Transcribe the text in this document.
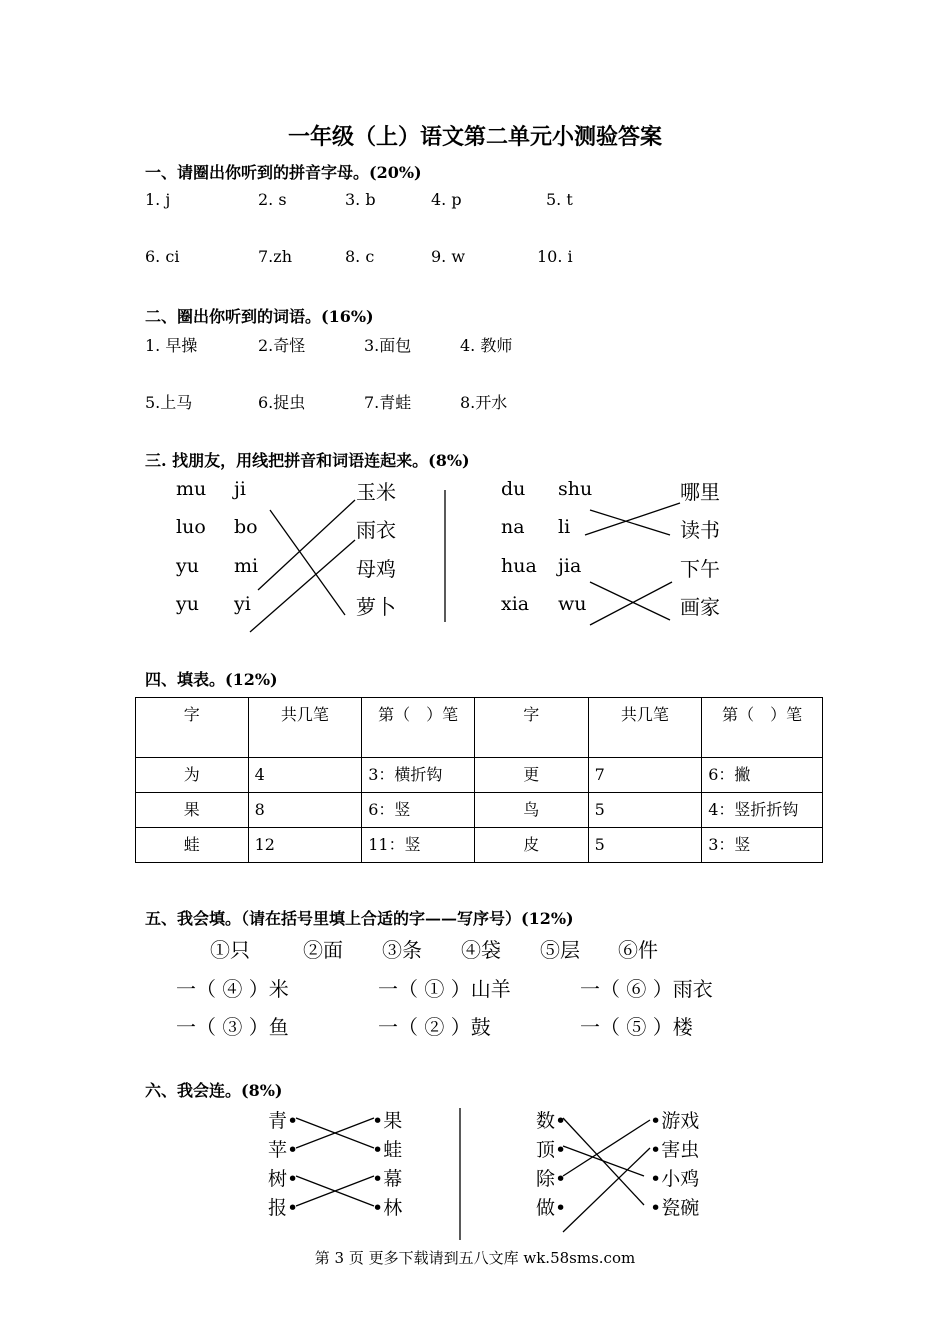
一年级（上）语文第二单元小测验答案
一、请圈出你听到的拼音字母。(20%)
1. j	2. s	3. b	4. p	5. t
6. ci	7.zh	8. c	9. w	10. i
二、圈出你听到的词语。(16%)
1. 早操	2.奇怪	3.面包	4. 教师
5.上马	6.捉虫	7.青蛙	8.开水
三. 找朋友，用线把拼音和词语连起来。(8%)
mu
luo
yu
yu
ji
bo
mi
yi
玉米
雨衣
母鸡
萝卜
du
na
hua
xia
shu
li
jia
wu
哪里
读书
下午
画家
四、填表。(12%)
字	共几笔	第（　）笔	字	共几笔	第（　）笔
为	4	3：横折钩	更	7	6：撇
果	8	6：竖	鸟	5	4：竖折折钩
蛙	12	11：竖	皮	5	3：竖
五、我会填。（请在括号里填上合适的字——写序号）(12%)
①只	②面 ③条 ④袋 ⑤层 ⑥件
一（ ④ ）米	一（ ① ）山羊	一（ ⑥ ）雨衣
一（ ③ ）鱼	一（ ② ）鼓	一（ ⑤ ）楼
六、我会连。(8%)
青•
苹•
树•
报•
•果
•蛙
•幕
•林
数•
顶•
除•
做•
•游戏
•害虫
•小鸡
•瓷碗
第 3 页 更多下载请到五八文库 wk.58sms.com
